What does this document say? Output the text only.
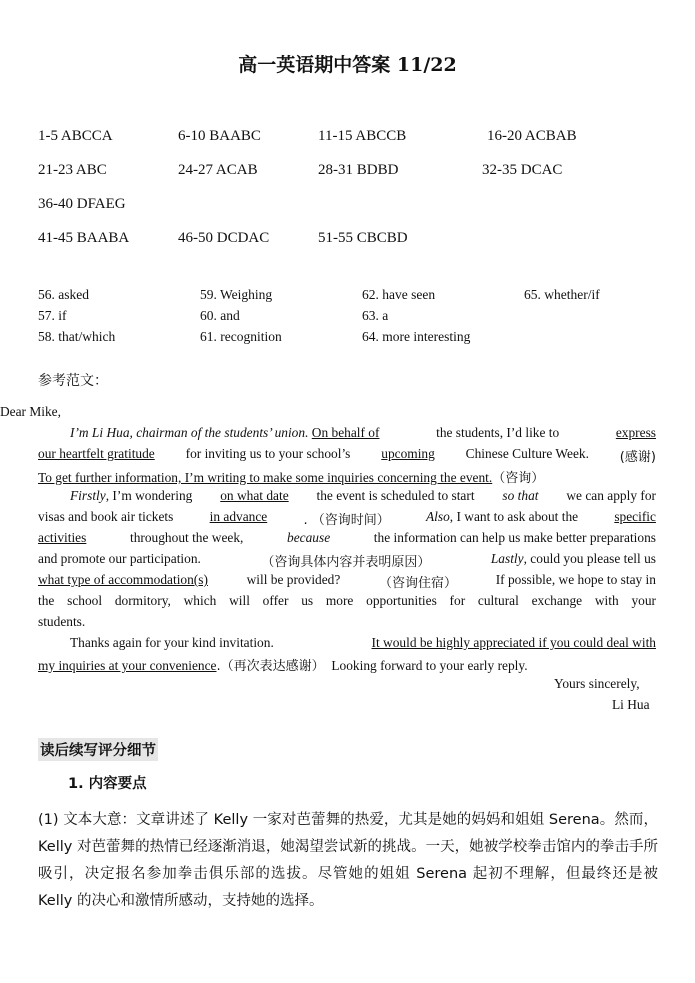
高一英语期中答案 11/22
1-5 ABCCA	6-10 BAABC	11-15 ABCCB	16-20 ACBAB
21-23 ABC	24-27 ACAB	28-31 BDBD	32-35 DCAC
36-40 DFAEG
41-45 BAABA	46-50 DCDAC	51-55 CBCBD
56. asked	59. Weighing	62. have seen	65. whether/if
57. if	60. and	63. a
58. that/which	61. recognition	64. more interesting
参考范文：
Dear Mike,
I’m Li Hua, chairman of the students’ union. On behalf of	the students, I’d like to	express
our heartfelt gratitude for inviting us to your school’s upcoming Chinese Culture Week. (感谢)
To get further information, I’m writing to make some inquiries concerning the event.（咨询）
Firstly, I’m wondering on what date the event is scheduled to start so that we can apply for
visas and book air tickets	in advance	. （咨询时间）	Also, I want to ask about the	specific
activities	throughout the week,	because	the information can help us make better preparations
and promote our participation.	（咨询具体内容并表明原因）	Lastly, could you please tell us
what type of accommodation(s)	will be provided?	（咨询住宿）	If possible, we hope to stay in
the school dormitory, which will offer us more opportunities for cultural exchange with your
students.
Thanks again for your kind invitation.	It would be highly appreciated if you could deal with
my inquiries at your convenience.（再次表达感谢） Looking forward to your early reply.
Yours sincerely,
Li Hua
读后续写评分细节
1. 内容要点
(1) 文本大意：文章讲述了 Kelly 一家对芭蕾舞的热爱，尤其是她的妈妈和姐姐 Serena。然而，Kelly 对芭蕾舞的热情已经逐渐消退，她渴望尝试新的挑战。一天，她被学校拳击馆内的拳击手所吸引，决定报名参加拳击俱乐部的选拔。尽管她的姐姐 Serena 起初不理解，但最终还是被 Kelly 的决心和激情所感动，支持她的选择。
